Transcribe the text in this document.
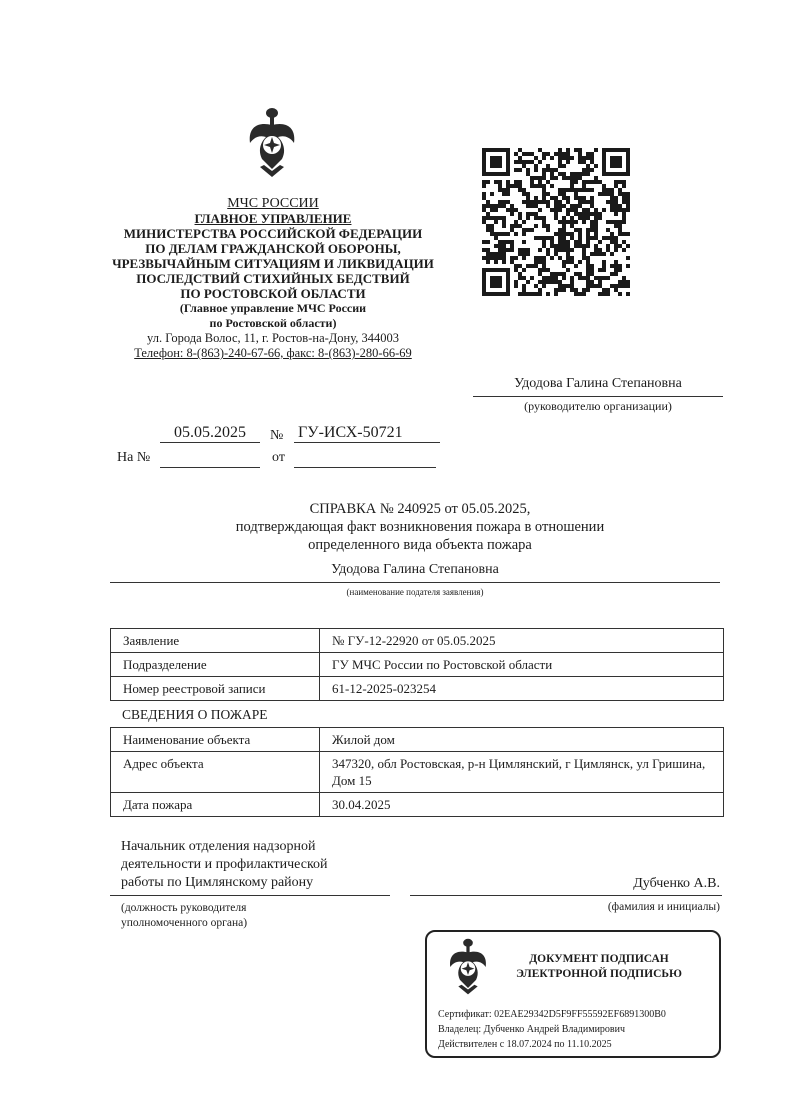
МЧС РОССИИ
ГЛАВНОЕ УПРАВЛЕНИЕ
МИНИСТЕРСТВА РОССИЙСКОЙ ФЕДЕРАЦИИ
ПО ДЕЛАМ ГРАЖДАНСКОЙ ОБОРОНЫ,
ЧРЕЗВЫЧАЙНЫМ СИТУАЦИЯМ И ЛИКВИДАЦИИ
ПОСЛЕДСТВИЙ СТИХИЙНЫХ БЕДСТВИЙ
ПО РОСТОВСКОЙ ОБЛАСТИ
(Главное управление МЧС России
по Ростовской области)
ул. Города Волос, 11, г. Ростов-на-Дону, 344003
Телефон: 8-(863)-240-67-66, факс: 8-(863)-280-66-69
Удодова Галина Степановна
(руководителю организации)
05.05.2025	№ ГУ-ИСХ-50721
На №	от
СПРАВКА № 240925 от 05.05.2025,
подтверждающая факт возникновения пожара в отношении
определенного вида объекта пожара
Удодова Галина Степановна
(наименование подателя заявления)
Заявление	№ ГУ-12-22920 от 05.05.2025
Подразделение	ГУ МЧС России по Ростовской области
Номер реестровой записи	61-12-2025-023254
СВЕДЕНИЯ О ПОЖАРЕ
Наименование объекта	Жилой дом
Адрес объекта	347320, обл Ростовская, р-н Цимлянский, г Цимлянск, ул Гришина, Дом 15
Дата пожара	30.04.2025
Начальник отделения надзорной
деятельности и профилактической
работы по Цимлянскому району	Дубченко А.В.
(должность руководителя
уполномоченного органа)
(фамилия и инициалы)
ДОКУМЕНТ ПОДПИСАН
ЭЛЕКТРОННОЙ ПОДПИСЬЮ
Сертификат: 02EAE29342D5F9FF55592EF6891300B0
Владелец: Дубченко Андрей Владимирович
Действителен с 18.07.2024 по 11.10.2025
